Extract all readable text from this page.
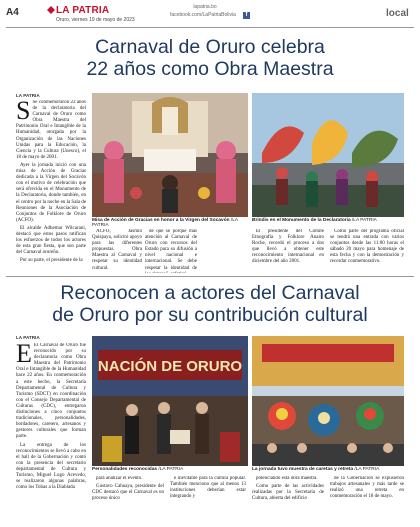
A4	LA PATRIA
Oruro, viernes 19 de mayo de 2023
lapatria.bo
facebook.com/LaPatriaBolivia	f	local
Carnaval de Oruro celebra
22 años como Obra Maestra
LA PATRIA

S Se conmemoraron 22 años de la declaratoria del Carnaval de Oruro como Obra Maestra del Patrimonio Oral e Intangible de la Humanidad, otorgada por la Organización de las Naciones Unidas para la Educación, la Ciencia y la Cultura (Unesco), el 18 de mayo de 2001.

Ayer la jornada inició con una misa de Acción de Gracias dedicada a la Virgen del Socavón con el motivo de celebración que será ofrecida en el Monumento de la Declaratoria, donde también, en el centro por la noche en la Sala de Reuniones de la Asociación de Conjuntos de Folklore de Oruro (ACFO).

El alcalde Adhemar Wilcarani, destacó que estos pasos ratifican los esfuerzos de todos los actores de esta gran fiesta, que son parte del Carnaval orureño.

Por su parte, el presidente de la

Misa de Acción de Gracias en honor a la Virgen del Socavón /LA PATRIA
Brindis en el Monumento de la Declaratoria /LA PATRIA

ACFO, Jasmín Quispaya, solicitó apoyo para las diferentes propuestas. Obra Maestra al Carnaval y respetar su identidad cultural.

de que se porque más atención al Carnaval de Oruro con recursos del Estado para su difusión a nivel nacional e internacional. Se debe respetar la identidad de

El presidente del Comité Etnografía y Folklore Anairo Roche, recordó el proceso a dos que llevó a obtener este reconocimiento internacional en diciembre del año 2001.

Como parte del programa oficial se tendrá una entrada con varios conjuntos desde las 11:00 horas el sábado 20 mayo para homenaje de esta fecha y con la demostración y recordar conmemorativo.

Reconocen a actores del Carnaval
de Oruro por su contribución cultural
LA PATRIA

E El Carnaval de Oruro fue reconocido por su declaratoria como Obra Maestra del Patrimonio Oral e Intangible de la Humanidad hace 22 años. En conmemoración a este hecho, la Secretaría Departamental de Cultura y Turismo (SDCT) en coordinación con el Consejo Departamental de Culturas (CDC), entregaron distinciones a cinco conjuntos tradicionales, personalidades, bordadores, caretero, artesanos y gestores culturales que forman parte.

La entrega de los reconocimientos se llevó a cabo en el hall de la Gobernación y contó con la presencia del secretario departamental de Cultura y Turismo, Miguel Lugo Acevedo, se realizaron algunas palabras, como los Tobas a la Diablada

NACIÓN DE ORURO
Personalidades reconocidas /LA PATRIA	La jornada tuvo muestra de caretas y retreta /LA PATRIA

para analizar el evento.

Gustavo Cahuaya, presidente del CDC destacó que el Carnaval es un proceso único

e inevitable para la cultura popular. También menciono que al menos 13 instituciones deberían estar integrando y

potenciando esta obra maestra.

Como parte de las actividades realizadas por la Secretaría de Cultura, abierta del edificio

de la Gobernación se expusieron trabajos artesanales y más tarde se realizó una retreta en conmemoración el 18 de mayo.
